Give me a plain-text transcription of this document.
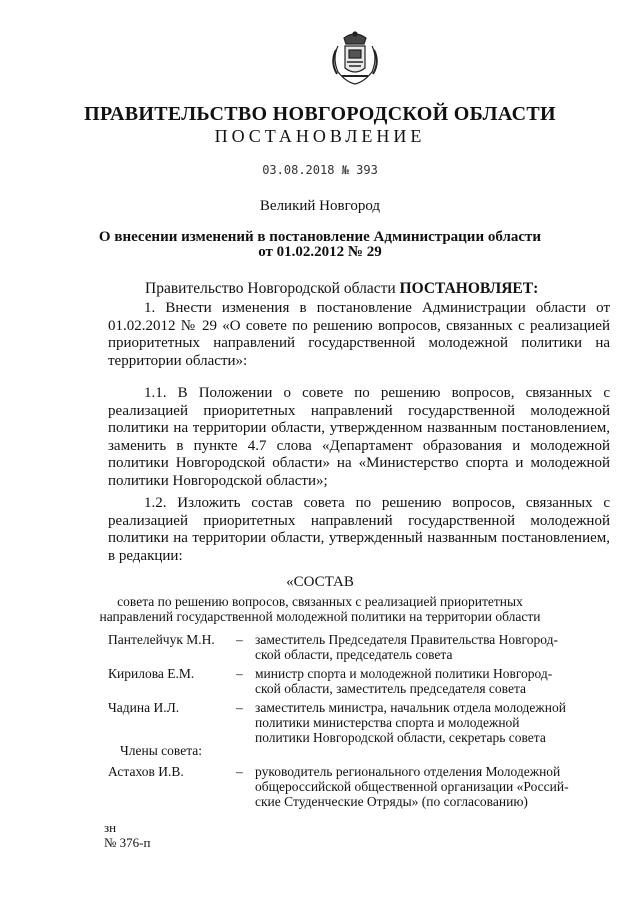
ПРАВИТЕЛЬСТВО НОВГОРОДСКОЙ ОБЛАСТИ
ПОСТАНОВЛЕНИЕ
03.08.2018 № 393
Великий Новгород
О внесении изменений в постановление Администрации области
от 01.02.2012 № 29
Правительство Новгородской области ПОСТАНОВЛЯЕТ:
1. Внести изменения в постановление Администрации области от 01.02.2012 № 29 «О совете по решению вопросов, связанных с реализацией приоритетных направлений государственной молодежной политики на территории области»:
1.1. В Положении о совете по решению вопросов, связанных с реализацией приоритетных направлений государственной молодежной политики на территории области, утвержденном названным постановлением, заменить в пункте 4.7 слова «Департамент образования и молодежной политики Новгородской области» на «Министерство спорта и молодежной политики Новгородской области»;
1.2. Изложить состав совета по решению вопросов, связанных с реализацией приоритетных направлений государственной молодежной политики на территории области, утвержденный названным постановлением, в редакции:
«СОСТАВ
совета по решению вопросов, связанных с реализацией приоритетных
направлений государственной молодежной политики на территории области
Пантелейчук М.Н. – заместитель Председателя Правительства Новгород-
ской области, председатель совета
Кирилова Е.М.	– министр спорта и молодежной политики Новгород-
ской области, заместитель председателя совета
Чадина И.Л.	– заместитель министра, начальник отдела молодежной
политики министерства спорта и молодежной
политики Новгородской области, секретарь совета
Члены совета:
Астахов И.В.	– руководитель регионального отделения Молодежной
общероссийской общественной организации «Россий-
ские Студенческие Отряды» (по согласованию)
зн
№ 376-п
